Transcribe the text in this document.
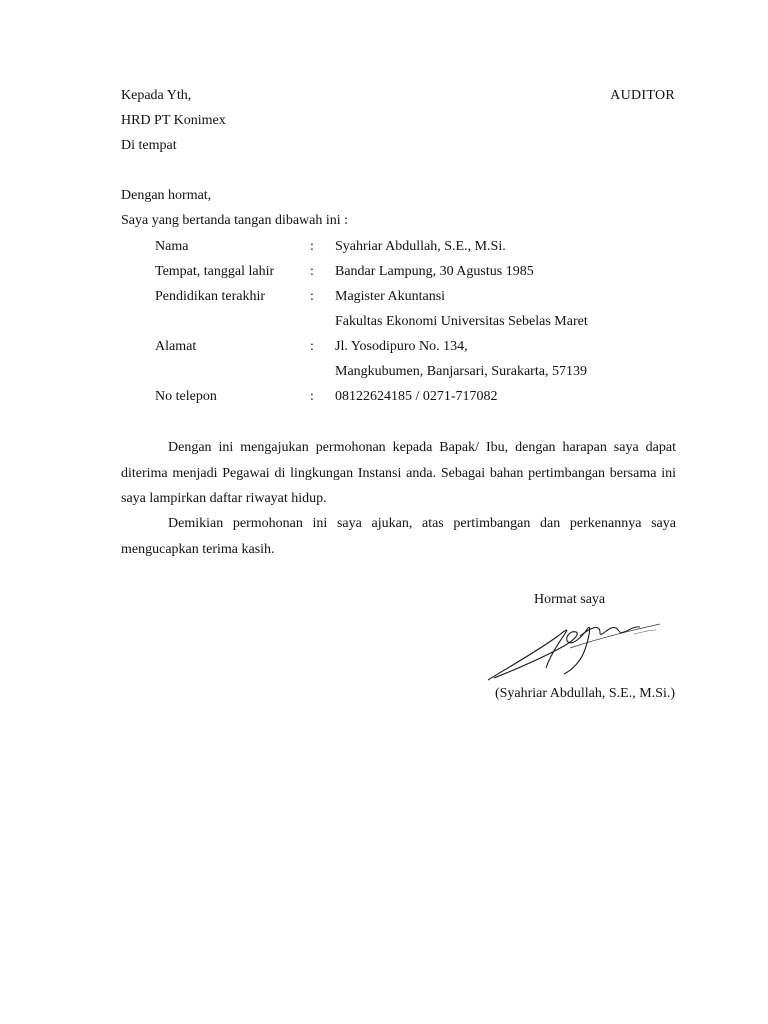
Kepada Yth,	AUDITOR
HRD PT Konimex
Di tempat
Dengan hormat,
Saya yang bertanda tangan dibawah ini :
Nama	: Syahriar Abdullah, S.E., M.Si.
Tempat, tanggal lahir	: Bandar Lampung, 30 Agustus 1985
Pendidikan terakhir	: Magister Akuntansi
Fakultas Ekonomi Universitas Sebelas Maret
Alamat	: Jl. Yosodipuro No. 134,
Mangkubumen, Banjarsari, Surakarta, 57139
No telepon	: 08122624185 / 0271-717082
Dengan ini mengajukan permohonan kepada Bapak/ Ibu, dengan harapan saya dapat diterima menjadi Pegawai di lingkungan Instansi anda. Sebagai bahan pertimbangan bersama ini saya lampirkan daftar riwayat hidup.
Demikian permohonan ini saya ajukan, atas pertimbangan dan perkenannya saya mengucapkan terima kasih.
Hormat saya
(Syahriar Abdullah, S.E., M.Si.)
